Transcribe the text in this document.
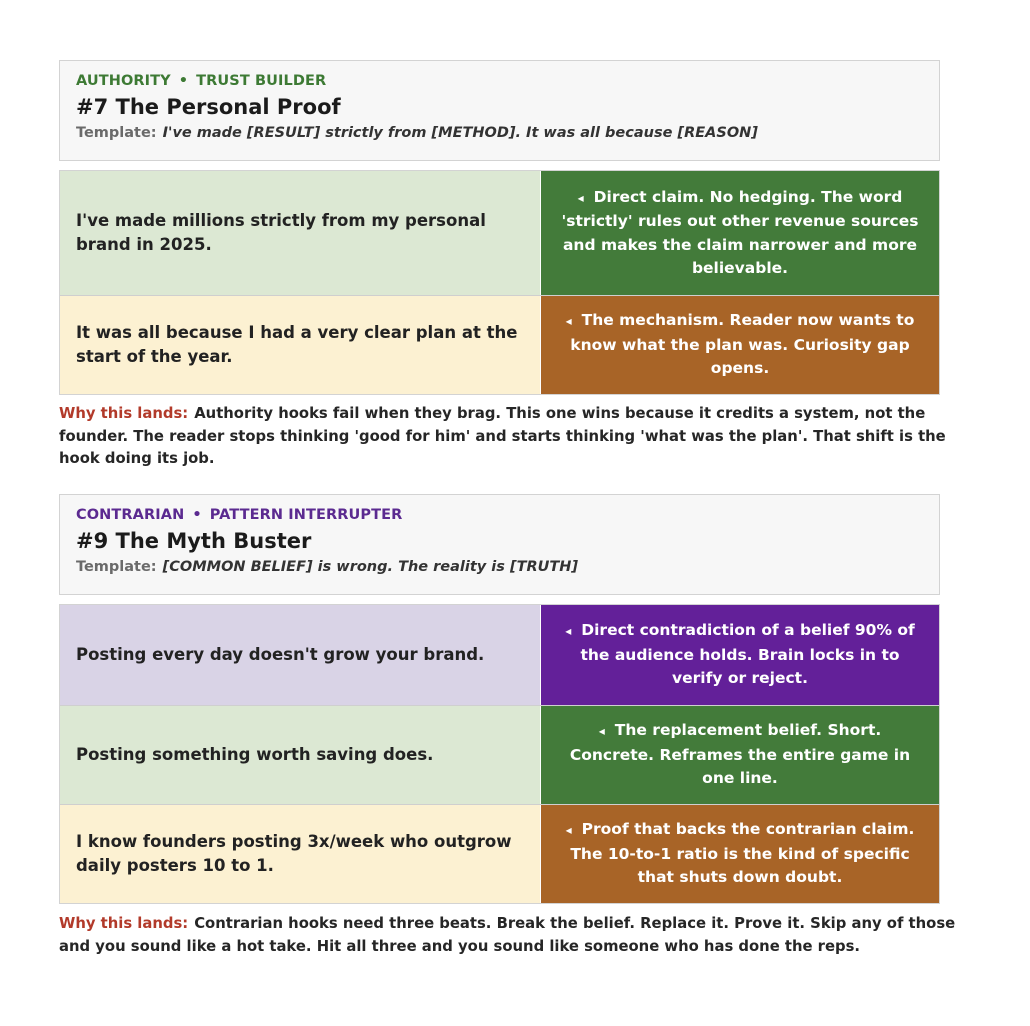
AUTHORITY • TRUST BUILDER
#7 The Personal Proof
Template: I've made [RESULT] strictly from [METHOD]. It was all because [REASON]
I've made millions strictly from my personal brand in 2025.
◂ Direct claim. No hedging. The word 'strictly' rules out other revenue sources and makes the claim narrower and more believable.
It was all because I had a very clear plan at the start of the year.
◂ The mechanism. Reader now wants to know what the plan was. Curiosity gap opens.
Why this lands: Authority hooks fail when they brag. This one wins because it credits a system, not the founder. The reader stops thinking 'good for him' and starts thinking 'what was the plan'. That shift is the hook doing its job.
CONTRARIAN • PATTERN INTERRUPTER
#9 The Myth Buster
Template: [COMMON BELIEF] is wrong. The reality is [TRUTH]
Posting every day doesn't grow your brand.
◂ Direct contradiction of a belief 90% of the audience holds. Brain locks in to verify or reject.
Posting something worth saving does.
◂ The replacement belief. Short. Concrete. Reframes the entire game in one line.
I know founders posting 3x/week who outgrow daily posters 10 to 1.
◂ Proof that backs the contrarian claim. The 10-to-1 ratio is the kind of specific that shuts down doubt.
Why this lands: Contrarian hooks need three beats. Break the belief. Replace it. Prove it. Skip any of those and you sound like a hot take. Hit all three and you sound like someone who has done the reps.
